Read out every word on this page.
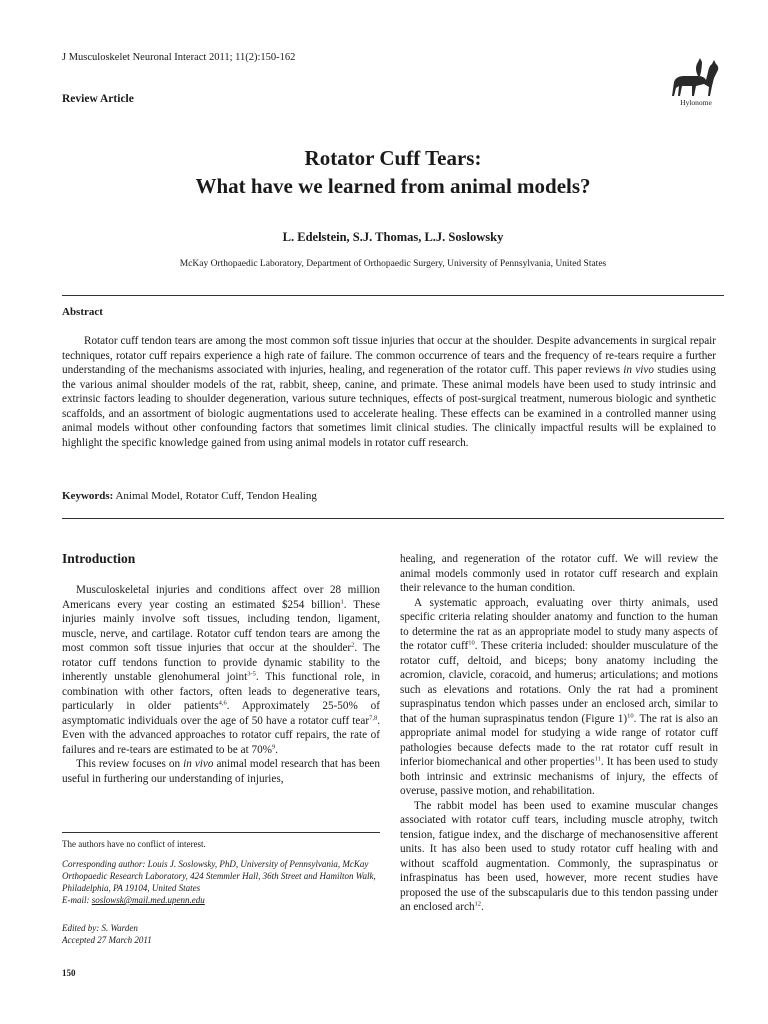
J Musculoskelet Neuronal Interact 2011; 11(2):150-162
Hylonome
Review Article
Rotator Cuff Tears:
What have we learned from animal models?
L. Edelstein, S.J. Thomas, L.J. Soslowsky
McKay Orthopaedic Laboratory, Department of Orthopaedic Surgery, University of Pennsylvania, United States
Abstract
Rotator cuff tendon tears are among the most common soft tissue injuries that occur at the shoulder. Despite advancements in surgical repair techniques, rotator cuff repairs experience a high rate of failure. The common occurrence of tears and the frequency of re-tears require a further understanding of the mechanisms associated with injuries, healing, and regeneration of the rotator cuff. This paper reviews in vivo studies using the various animal shoulder models of the rat, rabbit, sheep, canine, and primate. These animal models have been used to study intrinsic and extrinsic factors leading to shoulder degeneration, various suture techniques, effects of post-surgical treatment, numerous biologic and synthetic scaffolds, and an assortment of biologic augmentations used to accelerate healing. These effects can be examined in a controlled manner using animal models without other confounding factors that sometimes limit clinical studies. The clinically impactful results will be explained to highlight the specific knowledge gained from using animal models in rotator cuff research.
Keywords: Animal Model, Rotator Cuff, Tendon Healing
Introduction

Musculoskeletal injuries and conditions affect over 28 million Americans every year costing an estimated $254 billion$^1$. These injuries mainly involve soft tissues, including tendon, ligament, muscle, nerve, and cartilage. Rotator cuff tendon tears are among the most common soft tissue injuries that occur at the shoulder$^2$. The rotator cuff tendons function to provide dynamic stability to the inherently unstable glenohumeral joint$^{3-5}$. This functional role, in combination with other factors, often leads to degenerative tears, particularly in older patients$^{4,6}$. Approximately 25-50% of asymptomatic individuals over the age of 50 have a rotator cuff tear$^{7,8}$. Even with the advanced approaches to rotator cuff repairs, the rate of failures and re-tears are estimated to be at 70%$^9$.

This review focuses on in vivo animal model research that has been useful in furthering our understanding of injuries,

healing, and regeneration of the rotator cuff. We will review the animal models commonly used in rotator cuff research and explain their relevance to the human condition.

A systematic approach, evaluating over thirty animals, used specific criteria relating shoulder anatomy and function to the human to determine the rat as an appropriate model to study many aspects of the rotator cuff$^{10}$. These criteria included: shoulder musculature of the rotator cuff, deltoid, and biceps; bony anatomy including the acromion, clavicle, coracoid, and humerus; articulations; and motions such as elevations and rotations. Only the rat had a prominent supraspinatus tendon which passes under an enclosed arch, similar to that of the human supraspinatus tendon (Figure 1)$^{10}$. The rat is also an appropriate animal model for studying a wide range of rotator cuff pathologies because defects made to the rat rotator cuff result in inferior biomechanical and other properties$^{11}$. It has been used to study both intrinsic and extrinsic mechanisms of injury, the effects of overuse, passive motion, and rehabilitation.

The rabbit model has been used to examine muscular changes associated with rotator cuff tears, including muscle atrophy, twitch tension, fatigue index, and the discharge of mechanosensitive afferent units. It has also been used to study rotator cuff healing with and without scaffold augmentation. Commonly, the supraspinatus or infraspinatus has been used, however, more recent studies have proposed the use of the subscapularis due to this tendon passing under an enclosed arch$^{12}$.

The authors have no conflict of interest.
Corresponding author: Louis J. Soslowsky, PhD, University of Pennsylvania, McKay Orthopaedic Research Laboratory, 424 Stemmler Hall, 36th Street and Hamilton Walk, Philadelphia, PA 19104, United States
E-mail: soslowsk@mail.med.upenn.edu
Edited by: S. Warden
Accepted 27 March 2011
150
